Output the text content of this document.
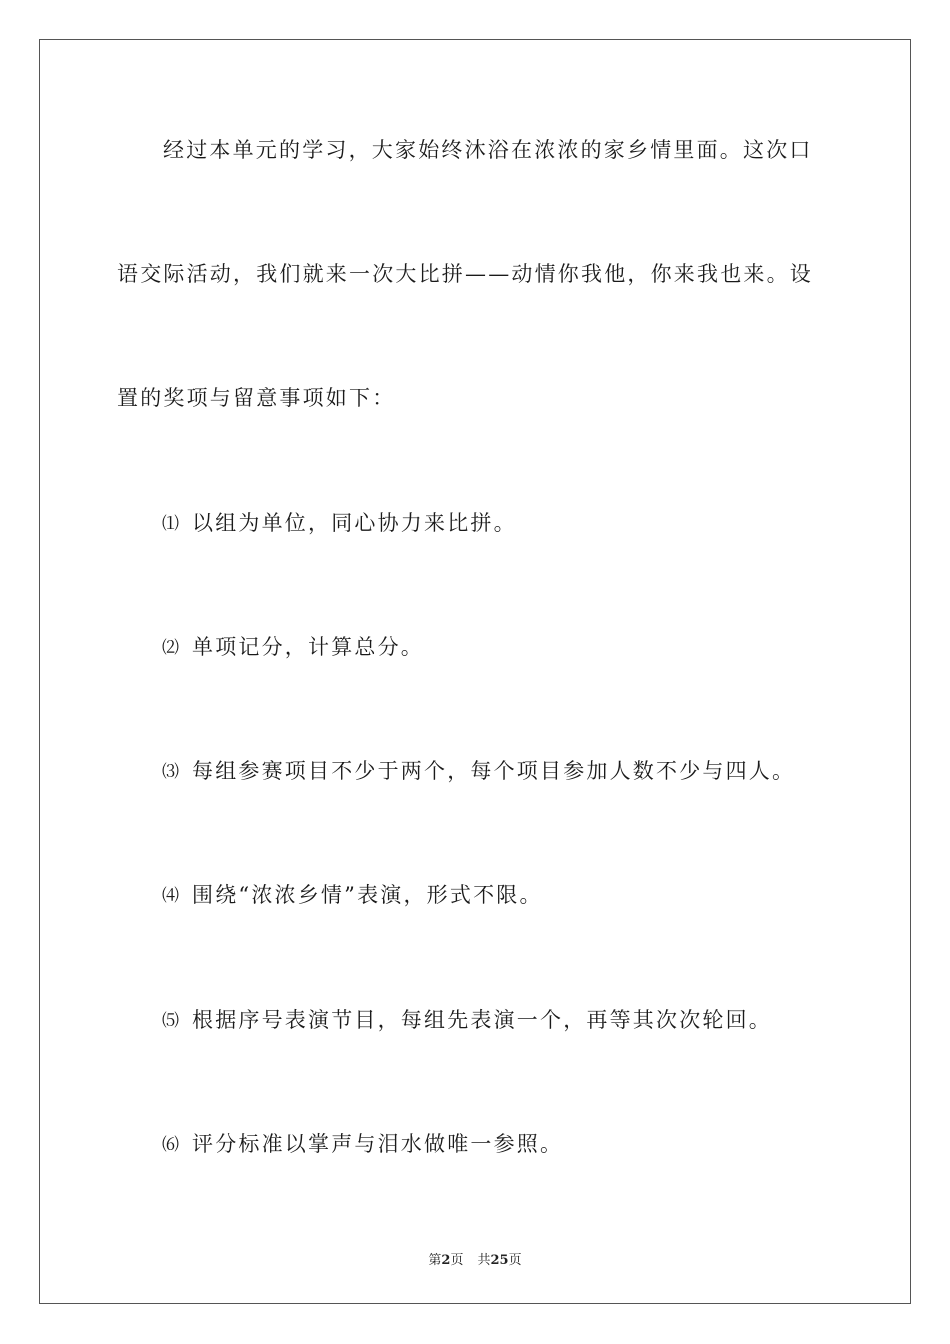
经过本单元的学习，大家始终沐浴在浓浓的家乡情里面。这次口
语交际活动，我们就来一次大比拼——动情你我他，你来我也来。设
置的奖项与留意事项如下：
⑴ 以组为单位，同心协力来比拼。
⑵ 单项记分，计算总分。
⑶ 每组参赛项目不少于两个，每个项目参加人数不少与四人。
⑷ 围绕“浓浓乡情”表演，形式不限。
⑸ 根据序号表演节目，每组先表演一个，再等其次次轮回。
⑹ 评分标准以掌声与泪水做唯一参照。
第2页 共25页
